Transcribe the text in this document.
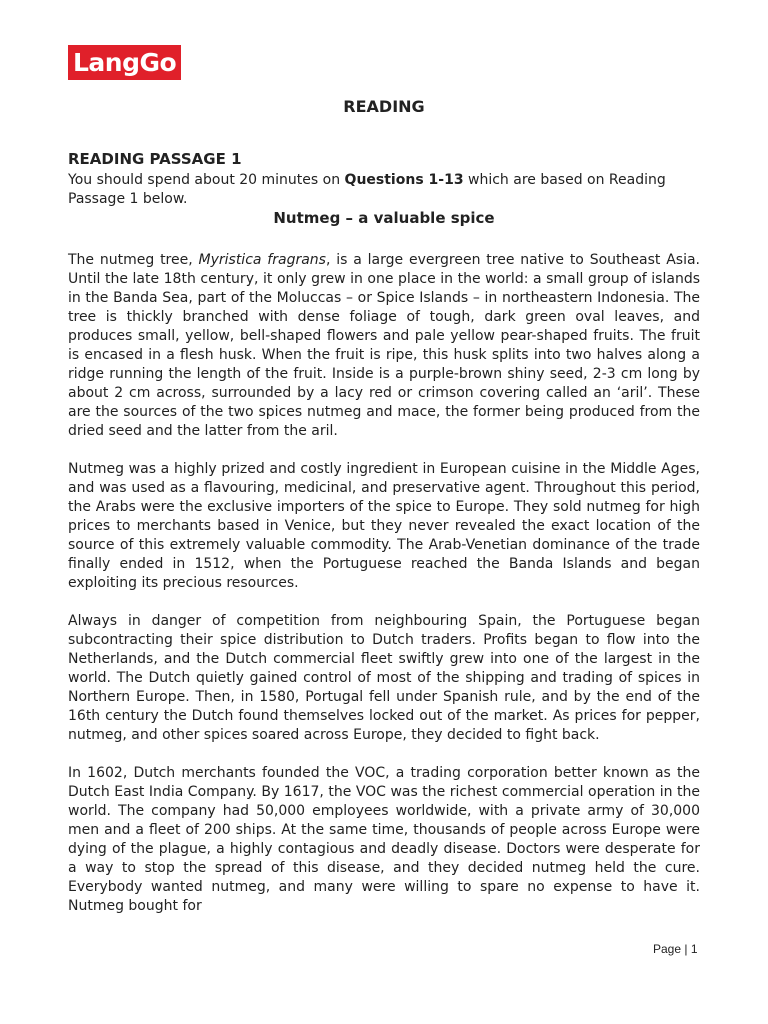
LangGo
READING
READING PASSAGE 1
You should spend about 20 minutes on Questions 1-13 which are based on Reading Passage 1 below.
Nutmeg – a valuable spice

The nutmeg tree, Myristica fragrans, is a large evergreen tree native to Southeast Asia. Until the late 18th century, it only grew in one place in the world: a small group of islands in the Banda Sea, part of the Moluccas – or Spice Islands – in northeastern Indonesia. The tree is thickly branched with dense foliage of tough, dark green oval leaves, and produces small, yellow, bell-shaped flowers and pale yellow pear-shaped fruits. The fruit is encased in a flesh husk. When the fruit is ripe, this husk splits into two halves along a ridge running the length of the fruit. Inside is a purple-brown shiny seed, 2-3 cm long by about 2 cm across, surrounded by a lacy red or crimson covering called an ‘aril’. These are the sources of the two spices nutmeg and mace, the former being produced from the dried seed and the latter from the aril.

Nutmeg was a highly prized and costly ingredient in European cuisine in the Middle Ages, and was used as a flavouring, medicinal, and preservative agent. Throughout this period, the Arabs were the exclusive importers of the spice to Europe. They sold nutmeg for high prices to merchants based in Venice, but they never revealed the exact location of the source of this extremely valuable commodity. The Arab-Venetian dominance of the trade finally ended in 1512, when the Portuguese reached the Banda Islands and began exploiting its precious resources.

Always in danger of competition from neighbouring Spain, the Portuguese began subcontracting their spice distribution to Dutch traders. Profits began to flow into the Netherlands, and the Dutch commercial fleet swiftly grew into one of the largest in the world. The Dutch quietly gained control of most of the shipping and trading of spices in Northern Europe. Then, in 1580, Portugal fell under Spanish rule, and by the end of the 16th century the Dutch found themselves locked out of the market. As prices for pepper, nutmeg, and other spices soared across Europe, they decided to fight back.

In 1602, Dutch merchants founded the VOC, a trading corporation better known as the Dutch East India Company. By 1617, the VOC was the richest commercial operation in the world. The company had 50,000 employees worldwide, with a private army of 30,000 men and a fleet of 200 ships. At the same time, thousands of people across Europe were dying of the plague, a highly contagious and deadly disease. Doctors were desperate for a way to stop the spread of this disease, and they decided nutmeg held the cure. Everybody wanted nutmeg, and many were willing to spare no expense to have it. Nutmeg bought for

Page | 1
